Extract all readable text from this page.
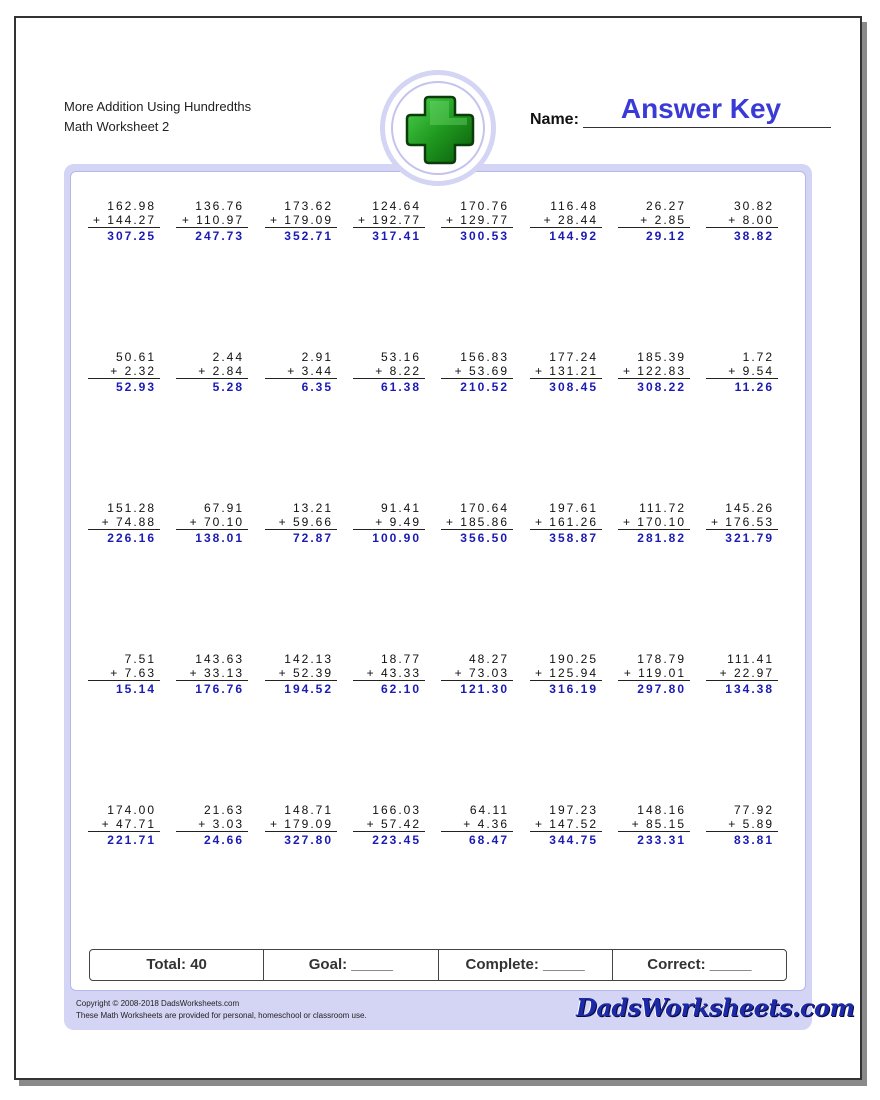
More Addition Using Hundredths
Math Worksheet 2	Name:	Answer Key
162.98
+ 144.27
307.25
136.76
+ 110.97
247.73
173.62
+ 179.09
352.71
124.64
+ 192.77
317.41
170.76
+ 129.77
300.53
116.48
+ 28.44
144.92
26.27
+ 2.85
29.12
30.82
+ 8.00
38.82
50.61
+ 2.32
52.93
2.44
+ 2.84
5.28
2.91
+ 3.44
6.35
53.16
+ 8.22
61.38
156.83
+ 53.69
210.52
177.24
+ 131.21
308.45
185.39
+ 122.83
308.22
1.72
+ 9.54
11.26
151.28
+ 74.88
226.16
67.91
+ 70.10
138.01
13.21
+ 59.66
72.87
91.41
+ 9.49
100.90
170.64
+ 185.86
356.50
197.61
+ 161.26
358.87
111.72
+ 170.10
281.82
145.26
+ 176.53
321.79
7.51
+ 7.63
15.14
143.63
+ 33.13
176.76
142.13
+ 52.39
194.52
18.77
+ 43.33
62.10
48.27
+ 73.03
121.30
190.25
+ 125.94
316.19
178.79
+ 119.01
297.80
111.41
+ 22.97
134.38
174.00
+ 47.71
221.71
21.63
+ 3.03
24.66
148.71
+ 179.09
327.80
166.03
+ 57.42
223.45
64.11
+ 4.36
68.47
197.23
+ 147.52
344.75
148.16
+ 85.15
233.31
77.92
+ 5.89
83.81
Total: 40	Goal: _____	Complete: _____	Correct: _____
Copyright © 2008-2018 DadsWorksheets.com
These Math Worksheets are provided for personal, homeschool or classroom use.	DadsWorksheets.com
